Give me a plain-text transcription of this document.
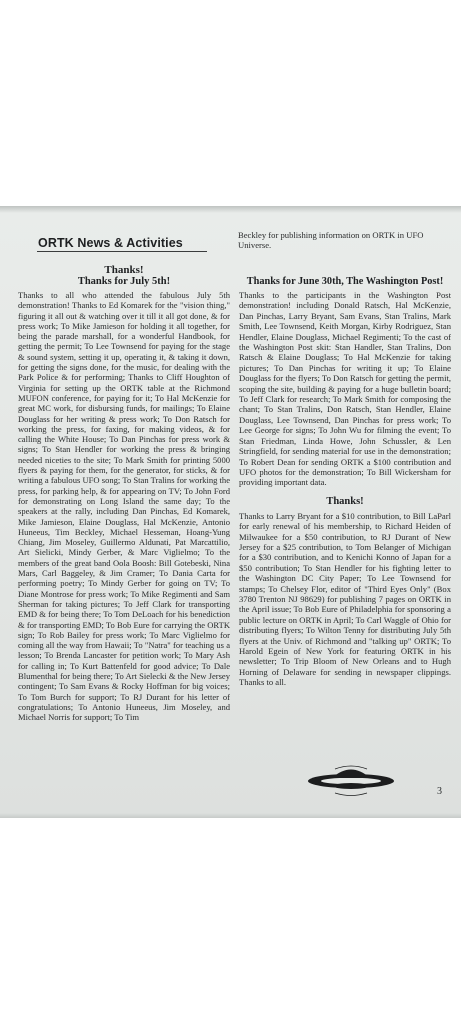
ORTK News & Activities

Beckley for publishing information on ORTK in UFO Universe.

Thanks!
Thanks for July 5th!

Thanks to all who attended the fabulous July 5th demonstration! Thanks to Ed Komarek for the "vision thing," figuring it all out & watching over it till it all got done, & for press work; To Mike Jamieson for holding it all together, for being the parade marshall, for a wonderful Handbook, for getting the permit; To Lee Townsend for paying for the stage & sound system, setting it up, operating it, & taking it down, for getting the signs done, for the music, for dealing with the Park Police & for performing; Thanks to Cliff Houghton of Virginia for setting up the ORTK table at the Richmond MUFON conference, for paying for it; To Hal McKenzie for great MC work, for disbursing funds, for mailings; To Elaine Douglass for her writing & press work; To Don Ratsch for working the press, for faxing, for making videos, & for calling the White House; To Dan Pinchas for press work & signs; To Stan Hendler for working the press & bringing needed niceties to the site; To Mark Smith for printing 5000 flyers & paying for them, for the generator, for sticks, & for writing a fabulous UFO song; To Stan Tralins for working the press, for parking help, & for appearing on TV; To John Ford for demonstrating on Long Island the same day; To the speakers at the rally, including Dan Pinchas, Ed Komarek, Mike Jamieson, Elaine Douglass, Hal McKenzie, Antonio Huneeus, Tim Beckley, Michael Hesseman, Hoang-Yung Chiang, Jim Moseley, Guillermo Aldunati, Pat Marcattilio, Art Sielicki, Mindy Gerber, & Marc Viglielmo; To the members of the great band Oola Boosh: Bill Gotebeski, Nina Mars, Carl Baggeley, & Jim Cramer; To Dania Carta for performing poetry; To Mindy Gerber for going on TV; To Diane Montrose for press work; To Mike Regimenti and Sam Sherman for taking pictures; To Jeff Clark for transporting EMD & for being there; To Tom DeLoach for his benediction & for transporting EMD; To Bob Eure for carrying the ORTK sign; To Rob Bailey for press work; To Marc Viglielmo for coming all the way from Hawaii; To "Natra" for teaching us a lesson; To Brenda Lancaster for petition work; To Mary Ash for calling in; To Kurt Battenfeld for good advice; To Dale Blumenthal for being there; To Art Sielecki & the New Jersey contingent; To Sam Evans & Rocky Hoffman for big voices; To Tom Burch for support; To RJ Durant for his letter of congratulations; To Antonio Huneeus, Jim Moseley, and Michael Norris for support; To Tim

Thanks for June 30th, The Washington Post!

Thanks to the participants in the Washington Post demonstration! including Donald Ratsch, Hal McKenzie, Dan Pinchas, Larry Bryant, Sam Evans, Stan Tralins, Mark Smith, Lee Townsend, Keith Morgan, Kirby Rodriguez, Stan Hendler, Elaine Douglass, Michael Regimenti; To the cast of the Washington Post skit: Stan Handler, Stan Tralins, Don Ratsch & Elaine Douglass; To Hal McKenzie for taking pictures; To Dan Pinchas for writing it up; To Elaine Douglass for the flyers; To Don Ratsch for getting the permit, scoping the site, building & paying for a huge bulletin board; To Jeff Clark for research; To Mark Smith for composing the chant; To Stan Tralins, Don Ratsch, Stan Hendler, Elaine Douglass, Lee Townsend, Dan Pinchas for press work; To Lee George for signs; To John Wu for filming the event; To Stan Friedman, Linda Howe, John Schussler, & Len Stringfield, for sending material for use in the demonstration; To Robert Dean for sending ORTK a $100 contribution and UFO photos for the demonstration; To Bill Wickersham for providing important data.

Thanks!

Thanks to Larry Bryant for a $10 contribution, to Bill LaParl for early renewal of his membership, to Richard Heiden of Milwaukee for a $50 contribution, to RJ Durant of New Jersey for a $25 contribution, to Tom Belanger of Michigan for a $30 contribution, and to Kenichi Konno of Japan for a $50 contribution; To Stan Hendler for his fighting letter to the Washington DC City Paper; To Lee Townsend for stamps; To Chelsey Flor, editor of "Third Eyes Only" (Box 3780 Trenton NJ 98629) for publishing 7 pages on ORTK in the April issue; To Bob Eure of Philadelphia for sponsoring a public lecture on ORTK in April; To Carl Waggle of Ohio for distributing flyers; To Wilton Tenny for distributing July 5th flyers at the Univ. of Richmond and "talking up" ORTK; To Harold Egein of New York for featuring ORTK in his newsletter; To Trip Bloom of New Orleans and to Hugh Horning of Delaware for sending in newspaper clippings. Thanks to all.

3
